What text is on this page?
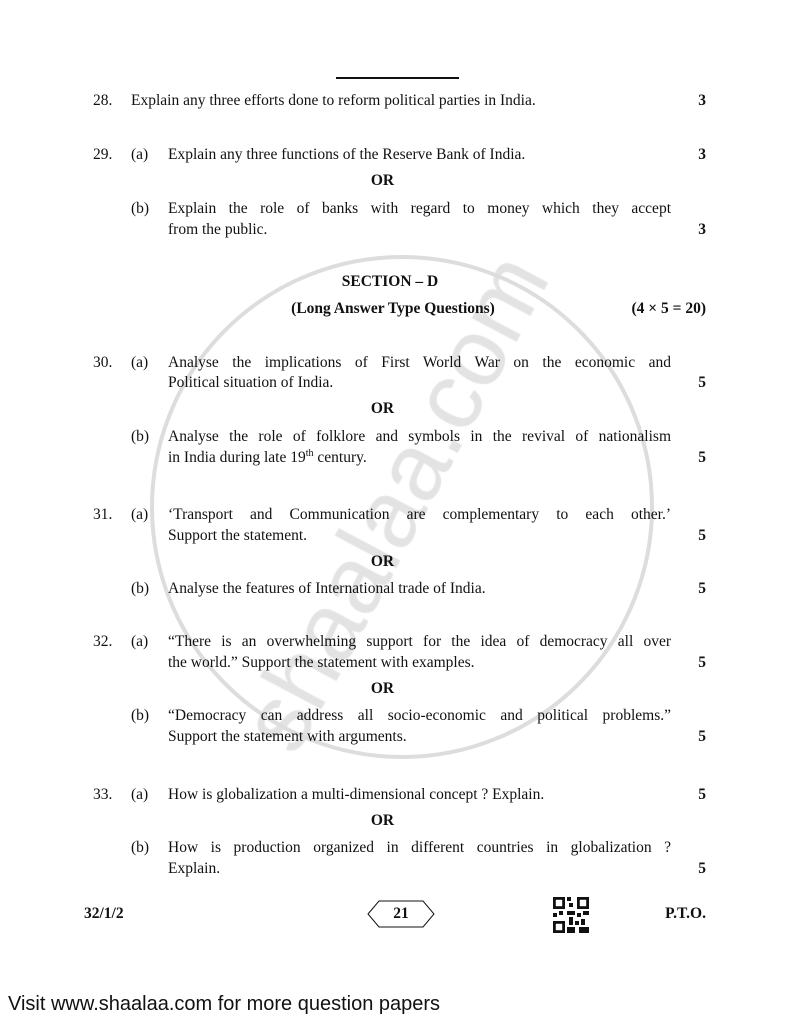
28. Explain any three efforts done to reform political parties in India.	3
29. (a) Explain any three functions of the Reserve Bank of India.	3
OR
(b) Explain the role of banks with regard to money which they accept
from the public.	3
SECTION – D
(Long Answer Type Questions)	(4 × 5 = 20)
30. (a) Analyse the implications of First World War on the economic and
Political situation of India.	5
OR
(b) Analyse the role of folklore and symbols in the revival of nationalism
in India during late 19th century.	5
31. (a) ‘Transport and Communication are complementary to each other.’
Support the statement.	5
OR
(b) Analyse the features of International trade of India.	5
32. (a) “There is an overwhelming support for the idea of democracy all over
the world.” Support the statement with examples.	5
OR
(b) “Democracy can address all socio-economic and political problems.”
Support the statement with arguments.	5
33. (a) How is globalization a multi-dimensional concept ? Explain.	5
OR
(b) How is production organized in different countries in globalization ?
Explain.	5
32/1/2	21	P.T.O.
Visit www.shaalaa.com for more question papers
